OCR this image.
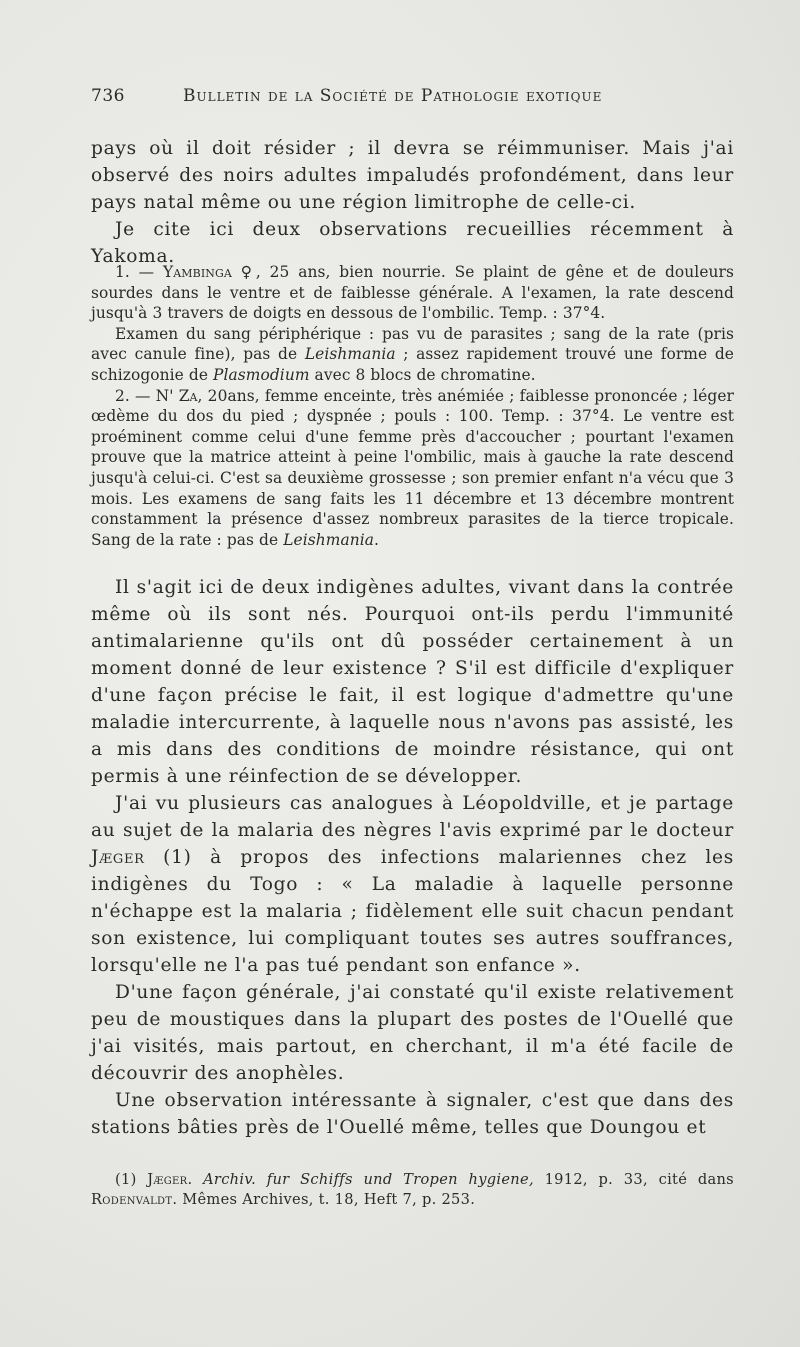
736	Bulletin de la Société de Pathologie exotique

pays où il doit résider ; il devra se réimmuniser. Mais j'ai observé des noirs adultes impaludés profondément, dans leur pays natal même ou une région limitrophe de celle-ci.

Je cite ici deux observations recueillies récemment à Yakoma.

1. — Yambinga ♀, 25 ans, bien nourrie. Se plaint de gêne et de douleurs sourdes dans le ventre et de faiblesse générale. A l'examen, la rate descend jusqu'à 3 travers de doigts en dessous de l'ombilic. Temp. : 37°4.

Examen du sang périphérique : pas vu de parasites ; sang de la rate (pris avec canule fine), pas de Leishmania ; assez rapidement trouvé une forme de schizogonie de Plasmodium avec 8 blocs de chromatine.

2. — N' Za, 20ans, femme enceinte, très anémiée ; faiblesse prononcée ; léger œdème du dos du pied ; dyspnée ; pouls : 100. Temp. : 37°4. Le ventre est proéminent comme celui d'une femme près d'accoucher ; pourtant l'examen prouve que la matrice atteint à peine l'ombilic, mais à gauche la rate descend jusqu'à celui-ci. C'est sa deuxième grossesse ; son premier enfant n'a vécu que 3 mois. Les examens de sang faits les 11 décembre et 13 décembre montrent constamment la présence d'assez nombreux parasites de la tierce tropicale. Sang de la rate : pas de Leishmania.

Il s'agit ici de deux indigènes adultes, vivant dans la contrée même où ils sont nés. Pourquoi ont-ils perdu l'immunité antimalarienne qu'ils ont dû posséder certainement à un moment donné de leur existence ? S'il est difficile d'expliquer d'une façon précise le fait, il est logique d'admettre qu'une maladie intercurrente, à laquelle nous n'avons pas assisté, les a mis dans des conditions de moindre résistance, qui ont permis à une réinfection de se développer.

J'ai vu plusieurs cas analogues à Léopoldville, et je partage au sujet de la malaria des nègres l'avis exprimé par le docteur Jæger (1) à propos des infections malariennes chez les indigènes du Togo : « La maladie à laquelle personne n'échappe est la malaria ; fidèlement elle suit chacun pendant son existence, lui compliquant toutes ses autres souffrances, lorsqu'elle ne l'a pas tué pendant son enfance ».

D'une façon générale, j'ai constaté qu'il existe relativement peu de moustiques dans la plupart des postes de l'Ouellé que j'ai visités, mais partout, en cherchant, il m'a été facile de découvrir des anophèles.

Une observation intéressante à signaler, c'est que dans des stations bâties près de l'Ouellé même, telles que Doungou et

(1) Jæger. Archiv. fur Schiffs und Tropen hygiene, 1912, p. 33, cité dans Rodenvaldt. Mêmes Archives, t. 18, Heft 7, p. 253.
